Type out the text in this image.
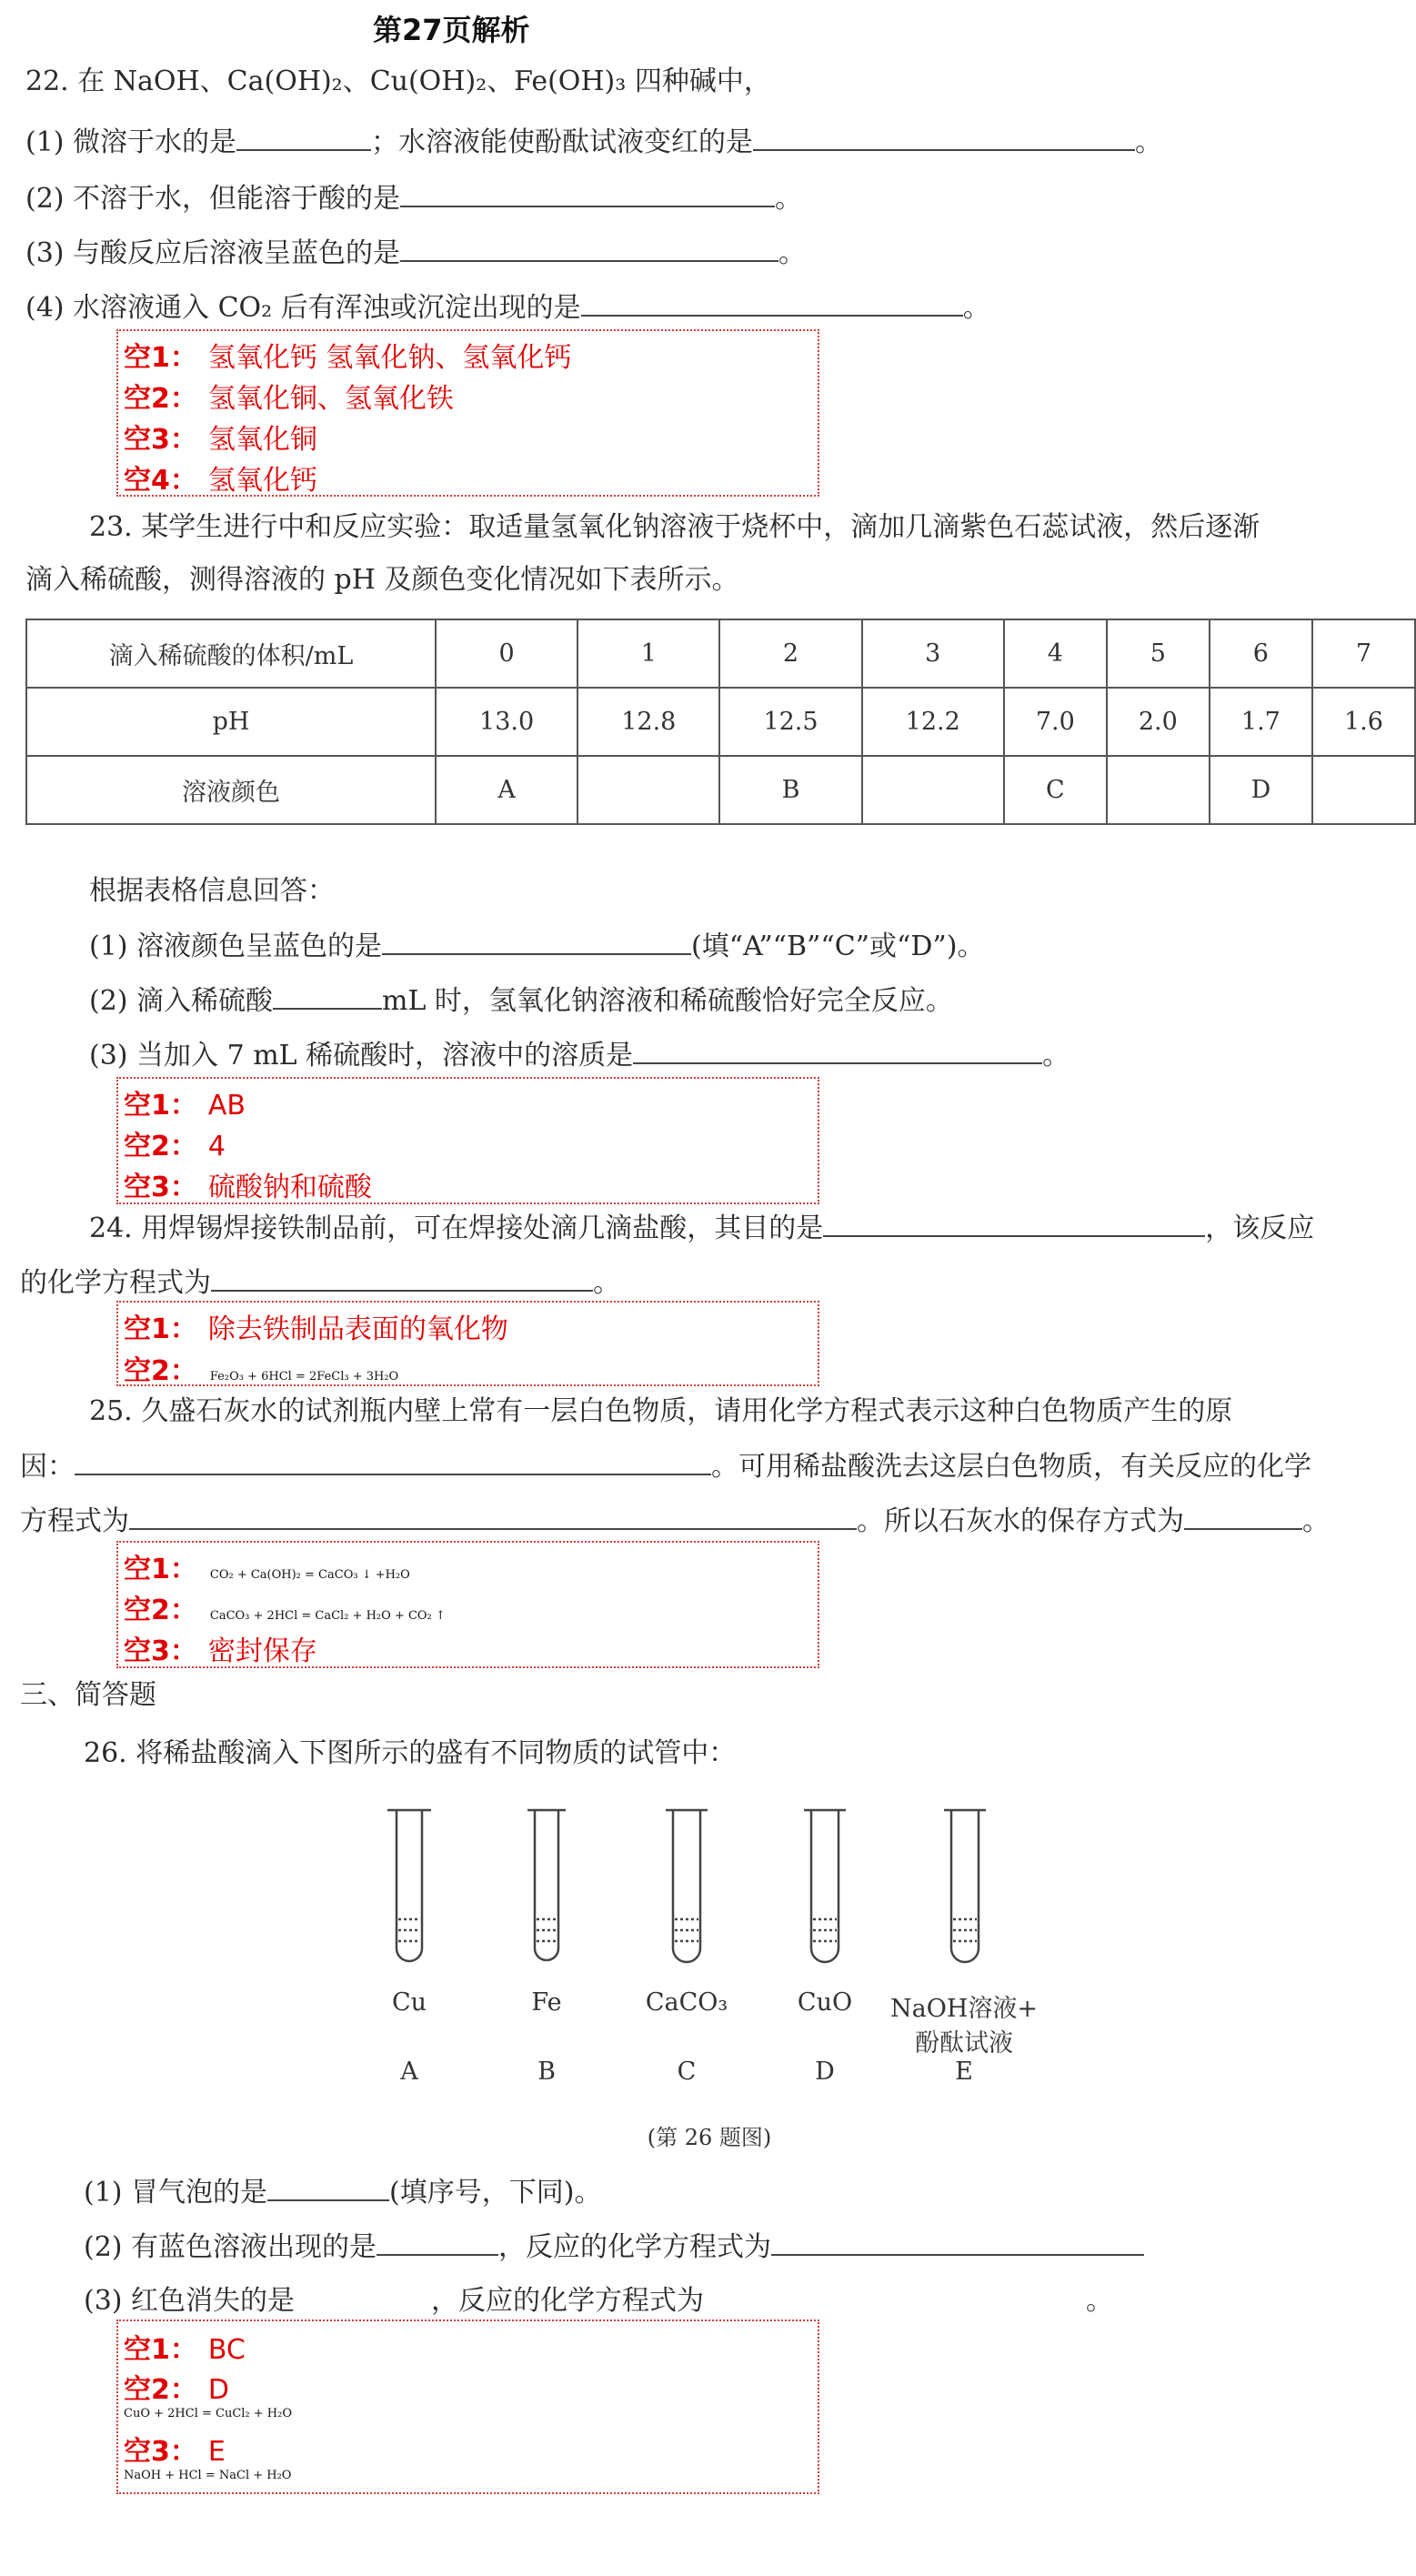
第27页解析
22. 在 NaOH、Ca(OH)₂、Cu(OH)₂、Fe(OH)₃ 四种碱中，
(1) 微溶于水的是	；水溶液能使酚酞试液变红的是	。
(2) 不溶于水，但能溶于酸的是	。
(3) 与酸反应后溶液呈蓝色的是	。
(4) 水溶液通入 CO₂ 后有浑浊或沉淀出现的是	。
空1： 氢氧化钙 氢氧化钠、氢氧化钙
空2： 氢氧化铜、氢氧化铁
空3： 氢氧化铜
空4： 氢氧化钙
23. 某学生进行中和反应实验：取适量氢氧化钠溶液于烧杯中，滴加几滴紫色石蕊试液，然后逐渐
滴入稀硫酸，测得溶液的 pH 及颜色变化情况如下表所示。
滴入稀硫酸的体积/mL	0	1	2	3	4	5	6	7
pH	13.0	12.8	12.5	12.2	7.0	2.0	1.7	1.6
溶液颜色	A		B		C		D	
根据表格信息回答：
(1) 溶液颜色呈蓝色的是	(填“A”“B”“C”或“D”)。
(2) 滴入稀硫酸	mL 时，氢氧化钠溶液和稀硫酸恰好完全反应。
(3) 当加入 7 mL 稀硫酸时，溶液中的溶质是	。
空1： AB
空2： 4
空3： 硫酸钠和硫酸
24. 用焊锡焊接铁制品前，可在焊接处滴几滴盐酸，其目的是	，该反应
的化学方程式为	。
空1： 除去铁制品表面的氧化物
空2： Fe₂O₃ + 6HCl = 2FeCl₃ + 3H₂O
25. 久盛石灰水的试剂瓶内壁上常有一层白色物质，请用化学方程式表示这种白色物质产生的原
因：	。可用稀盐酸洗去这层白色物质，有关反应的化学
方程式为	。所以石灰水的保存方式为	。
空1： CO₂ + Ca(OH)₂ = CaCO₃ ↓ +H₂O
空2： CaCO₃ + 2HCl = CaCl₂ + H₂O + CO₂ ↑
空3： 密封保存
三、简答题
26. 将稀盐酸滴入下图所示的盛有不同物质的试管中：
Cu	Fe	CaCO₃	CuO	NaOH溶液+
酚酞试液
A	B	C	D	E
(第 26 题图)
(1) 冒气泡的是	(填序号，下同)。
(2) 有蓝色溶液出现的是	，反应的化学方程式为
(3) 红色消失的是	，反应的化学方程式为	。
空1： BC
空2： D
CuO + 2HCl = CuCl₂ + H₂O
空3： E
NaOH + HCl = NaCl + H₂O
